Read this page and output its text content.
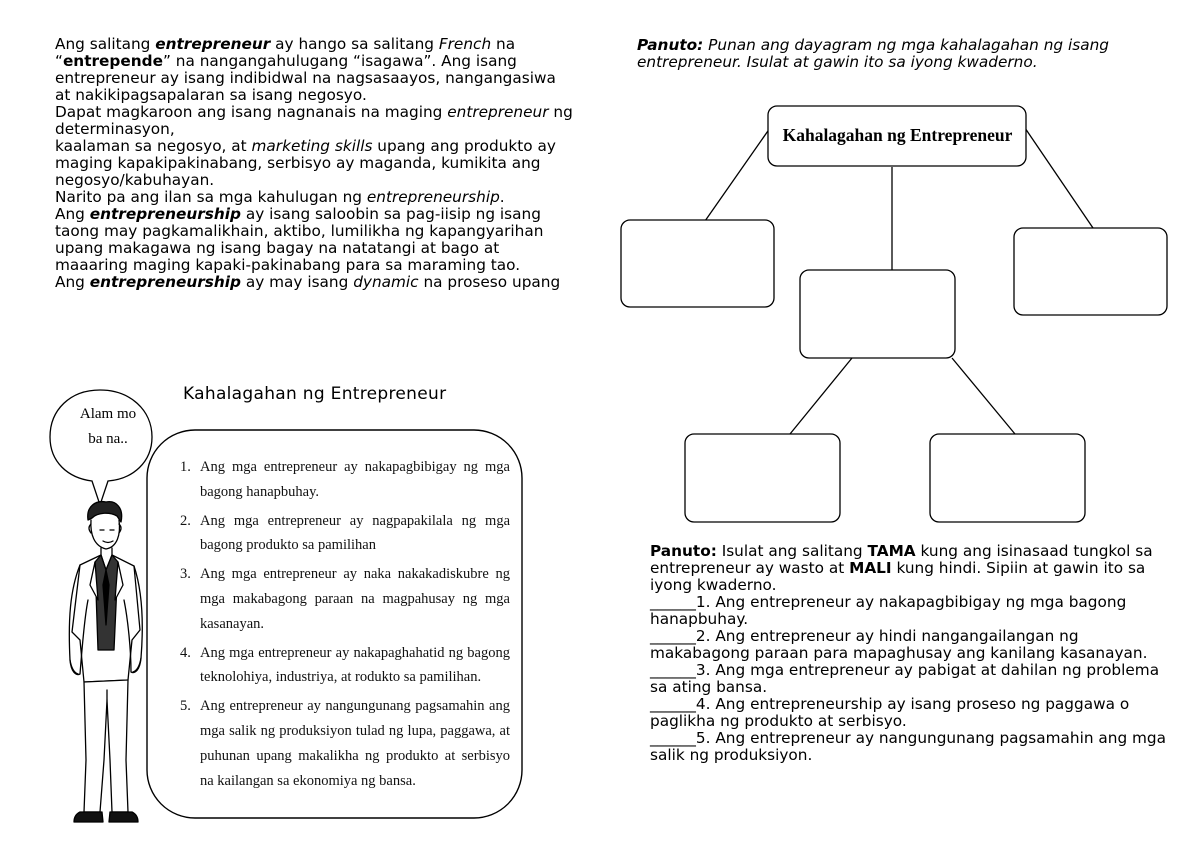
Ang salitang entrepreneur ay hango sa salitang French na “entrepende” na nangangahulugang “isagawa”. Ang isang entrepreneur ay isang indibidwal na nagsasaayos, nangangasiwa at nakikipagsapalaran sa isang negosyo.

Dapat magkaroon ang isang nagnanais na maging entrepreneur ng determinasyon,

kaalaman sa negosyo, at marketing skills upang ang produkto ay maging kapakipakinabang, serbisyo ay maganda, kumikita ang negosyo/kabuhayan.

Narito pa ang ilan sa mga kahulugan ng entrepreneurship.

Ang entrepreneurship ay isang saloobin sa pag-iisip ng isang taong may pagkamalikhain, aktibo, lumilikha ng kapangyarihan upang makagawa ng isang bagay na natatangi at bago at maaaring maging kapaki-pakinabang para sa maraming tao.

Ang entrepreneurship ay may isang dynamic na proseso upang

Kahalagahan ng Entrepreneur
Alam mo
ba na..
1. Ang mga entrepreneur ay nakapagbibigay ng mga bagong hanapbuhay.
2. Ang mga entrepreneur ay nagpapakilala ng mga bagong produkto sa pamilihan
3. Ang mga entrepreneur ay naka nakakadiskubre ng mga makabagong paraan na magpahusay ng mga kasanayan.
4. Ang mga entrepreneur ay nakapaghahatid ng bagong teknolohiya, industriya, at rodukto sa pamilihan.
5. Ang entrepreneur ay nangungunang pagsamahin ang mga salik ng produksiyon tulad ng lupa, paggawa, at puhunan upang makalikha ng produkto at serbisyo na kailangan sa ekonomiya ng bansa.
Panuto: Punan ang dayagram ng mga kahalagahan ng isang entrepreneur. Isulat at gawin ito sa iyong kwaderno.
Kahalagahan ng Entrepreneur

Panuto: Isulat ang salitang TAMA kung ang isinasaad tungkol sa entrepreneur ay wasto at MALI kung hindi. Sipiin at gawin ito sa iyong kwaderno.

______1. Ang entrepreneur ay nakapagbibigay ng mga bagong hanapbuhay.

______2. Ang entrepreneur ay hindi nangangailangan ng makabagong paraan para mapaghusay ang kanilang kasanayan.

______3. Ang mga entrepreneur ay pabigat at dahilan ng problema sa ating bansa.

______4. Ang entrepreneurship ay isang proseso ng paggawa o paglikha ng produkto at serbisyo.

______5. Ang entrepreneur ay nangungunang pagsamahin ang mga salik ng produksiyon.
